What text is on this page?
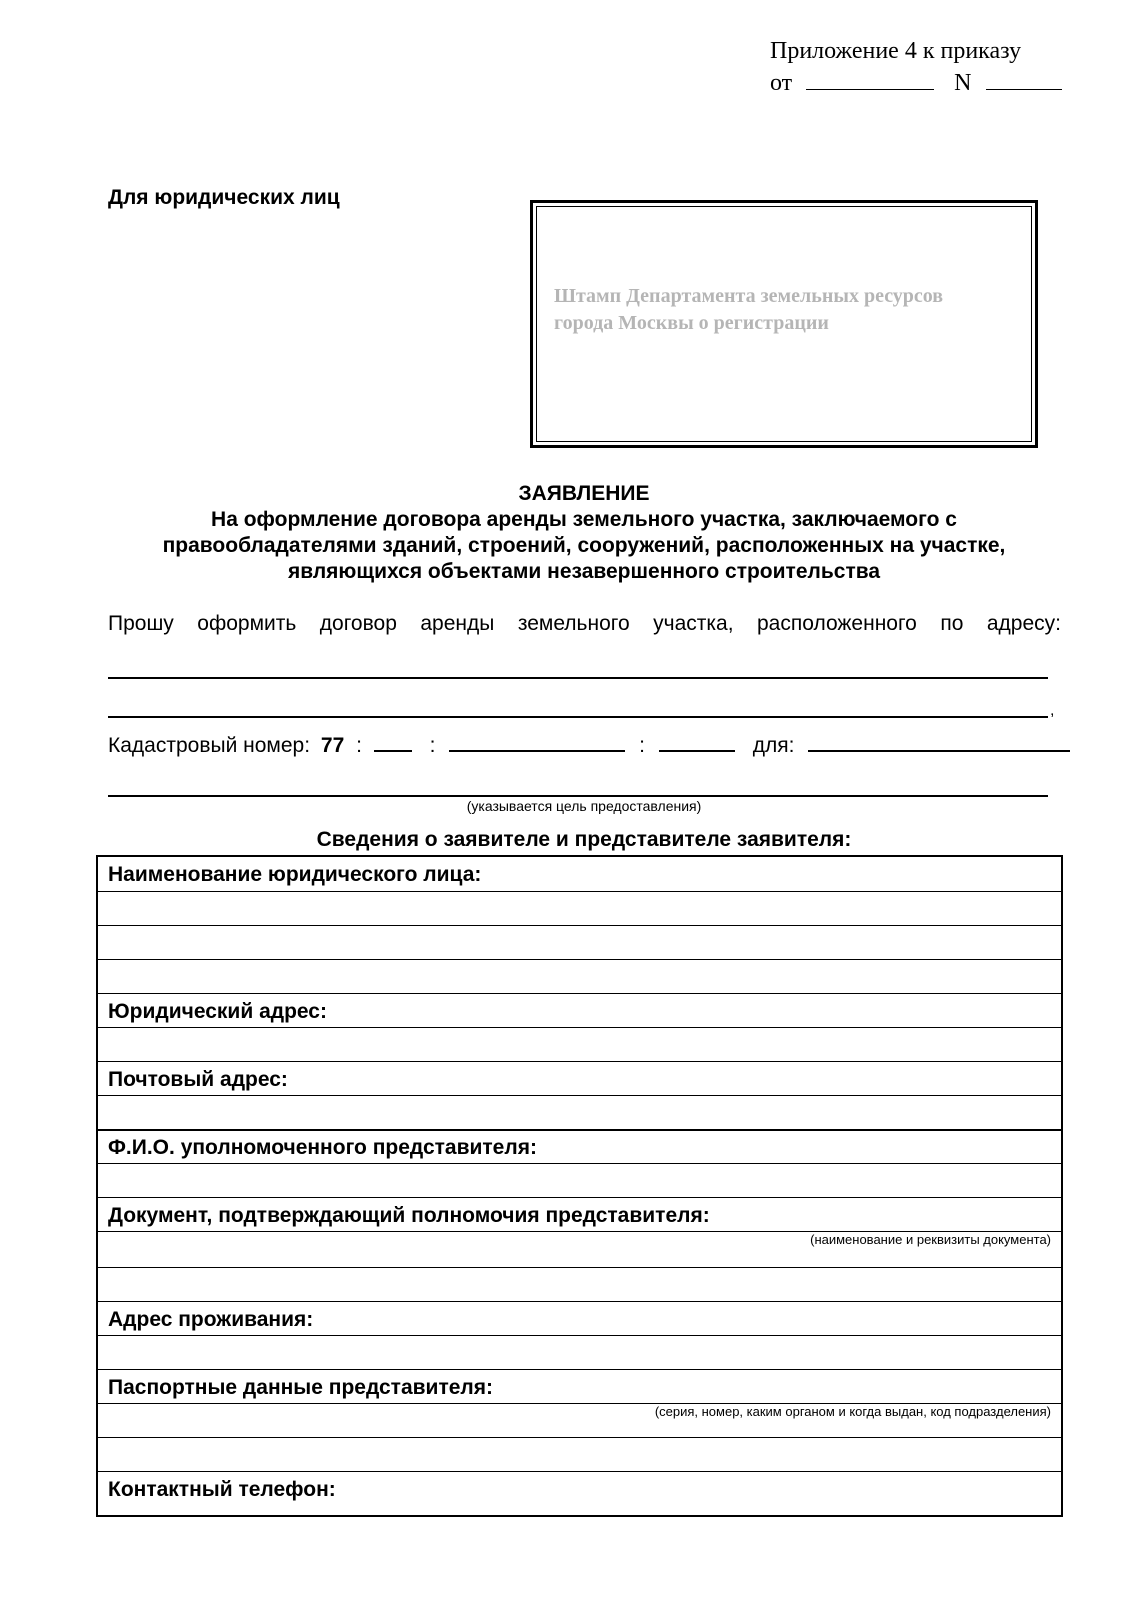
Приложение 4 к приказу
от	N
Для юридических лиц
Штамп Департамента земельных ресурсов
города Москвы о регистрации
ЗАЯВЛЕНИЕ
На оформление договора аренды земельного участка, заключаемого с
правообладателями зданий, строений, сооружений, расположенных на участке,
являющихся объектами незавершенного строительства
Прошу оформить договор аренды земельного участка, расположенного по адресу:
,
Кадастровый номер: 77 :	:	:	для:
(указывается цель предоставления)
Сведения о заявителе и представителе заявителя:
Наименование юридического лица:
Юридический адрес:
Почтовый адрес:
Ф.И.О. уполномоченного представителя:
Документ, подтверждающий полномочия представителя:
(наименование и реквизиты документа)
Адрес проживания:
Паспортные данные представителя:
(серия, номер, каким органом и когда выдан, код подразделения)
Контактный телефон:
